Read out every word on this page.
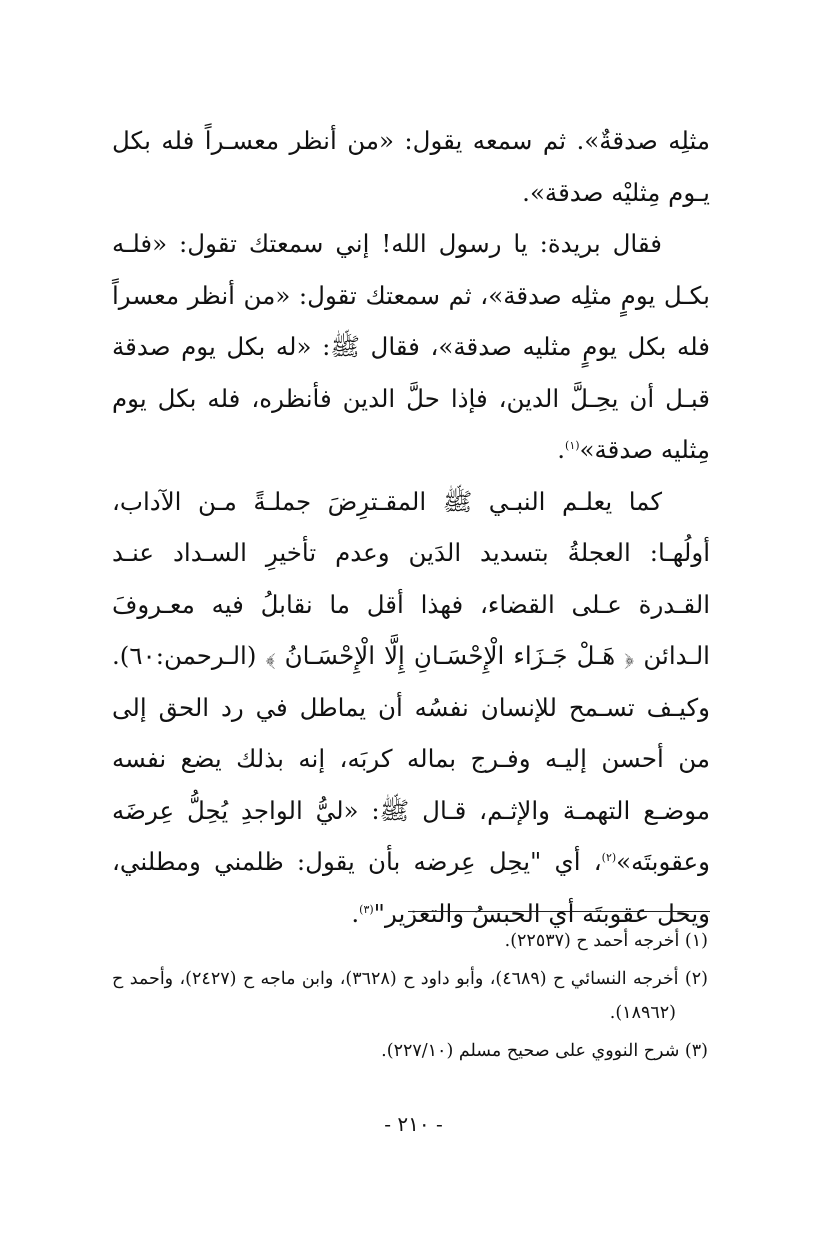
مثلِه صدقةٌ». ثم سمعه يقول: «من أنظر معسـراً فله بكل يـوم مِثليْه صدقة».

فقال بريدة: يا رسول الله! إني سمعتك تقول: «فلـه بكـل يومٍ مثلِه صدقة»، ثم سمعتك تقول: «من أنظر معسراً فله بكل يومٍ مثليه صدقة»، فقال ﷺ: «له بكل يوم صدقة قبـل أن يحِـلَّ الدين، فإذا حلَّ الدين فأنظره، فله بكل يوم مِثليه صدقة»$^{(١)}$.

كما يعلـم النبـي ﷺ المقـترِضَ جملـةً مـن الآداب، أولُهـا: العجلةُ بتسديد الدَين وعدم تأخيرِ السـداد عنـد القـدرة عـلى القضاء، فهذا أقل ما نقابلُ فيه معـروفَ الـدائن ﴿ هَـلْ جَـزَاء الْإِحْسَـانِ إِلَّا الْإِحْسَـانُ ﴾ (الـرحمن:٦٠). وكيـف تسـمح للإنسان نفسُه أن يماطل في رد الحق إلى من أحسن إليـه وفـرج بماله كربَه، إنه بذلك يضع نفسه موضـع التهمـة والإثـم، قـال ﷺ: «ليُّ الواجدِ يُحِلُّ عِرضَه وعقوبتَه»$^{(٢)}$، أي "يحِل عِرضه بأن يقول: ظلمني ومطلني، ويحل عقوبتَه أي الحبسُ والتعزير"$^{(٣)}$.

(١) أخرجه أحمد ح (٢٢٥٣٧).
(٢) أخرجه النسائي ح (٤٦٨٩)، وأبو داود ح (٣٦٢٨)، وابن ماجه ح (٢٤٢٧)، وأحمد ح (١٨٩٦٢).
(٣) شرح النووي على صحيح مسلم (٢٢٧/١٠).
- ٢١٠ -
